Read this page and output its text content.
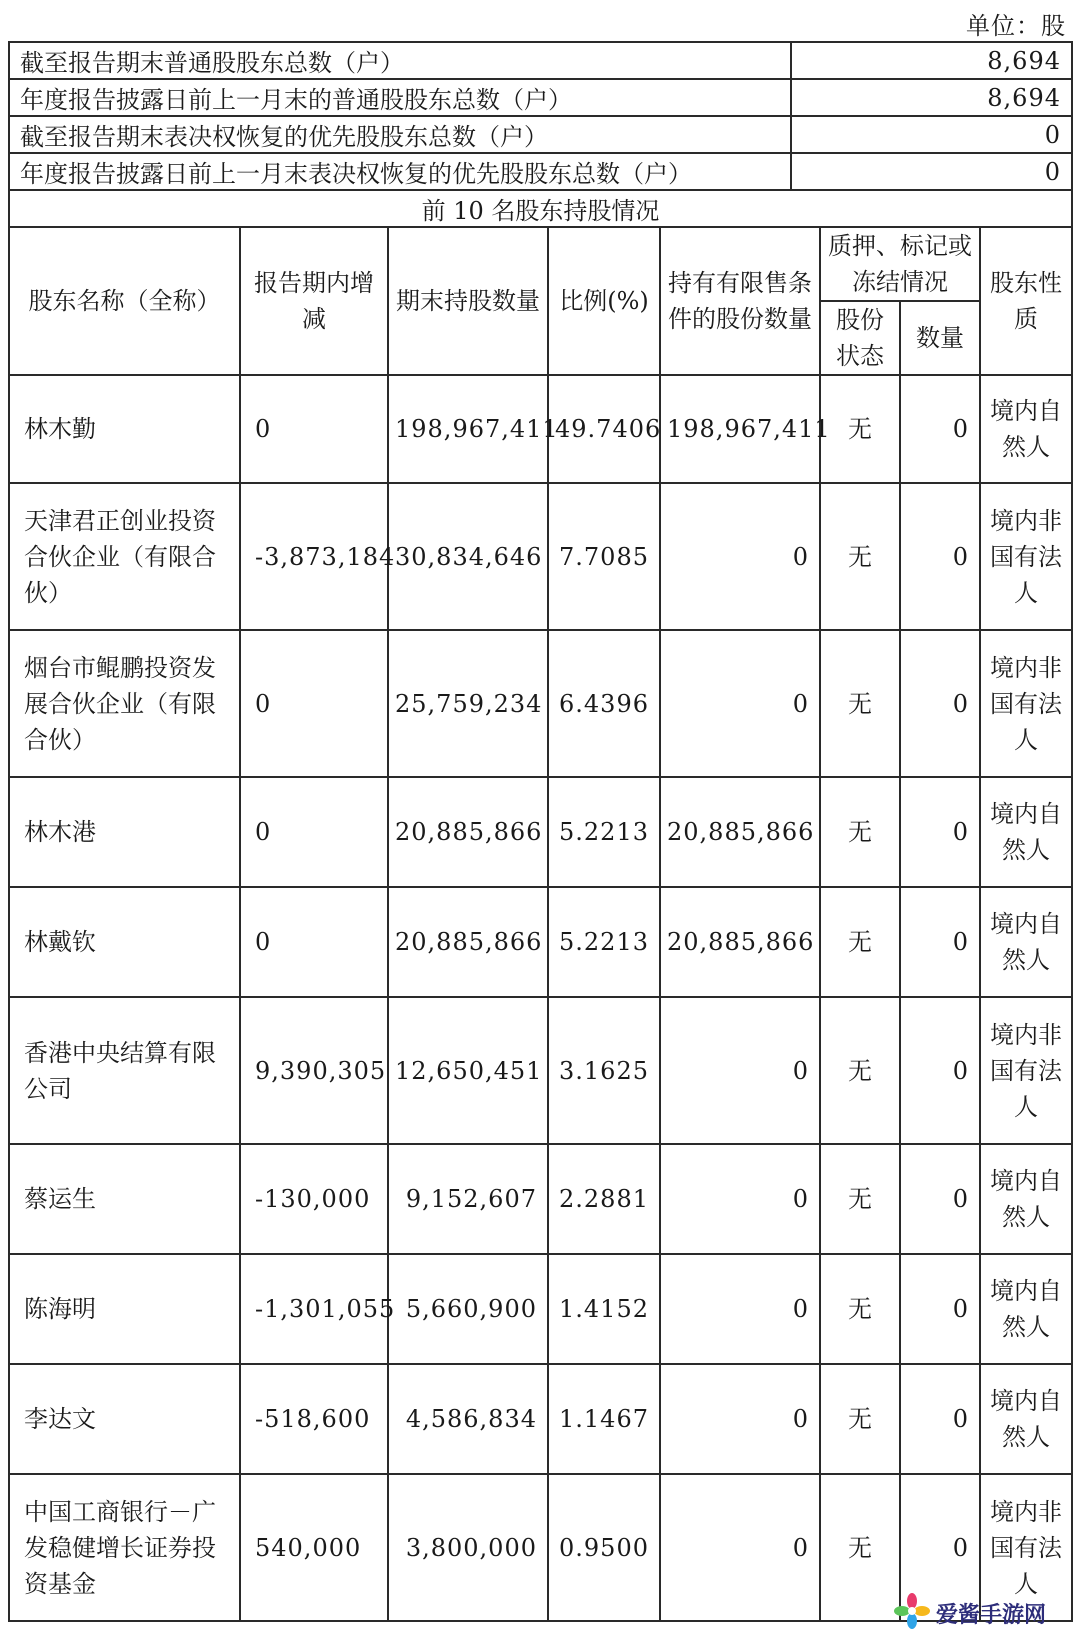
单位：股
截至报告期末普通股股东总数（户）	8,694
年度报告披露日前上一月末的普通股股东总数（户）	8,694
截至报告期末表决权恢复的优先股股东总数（户）	0
年度报告披露日前上一月末表决权恢复的优先股股东总数（户）	0
前 10 名股东持股情况	
股东名称（全称）	报告期内增减	期末持股数量	比例(%)	持有有限售条件的股份数量	质押、标记或冻结情况		股东性质
					股份状态	数量	
林木勤	0	198,967,411	49.7406	198,967,411	无	0	境内自然人
天津君正创业投资合伙企业（有限合伙）	-3,873,184	30,834,646	7.7085	0	无	0	境内非国有法人
烟台市鲲鹏投资发展合伙企业（有限合伙）	0	25,759,234	6.4396	0	无	0	境内非国有法人
林木港	0	20,885,866	5.2213	20,885,866	无	0	境内自然人
林戴钦	0	20,885,866	5.2213	20,885,866	无	0	境内自然人
香港中央结算有限公司	9,390,305	12,650,451	3.1625	0	无	0	境内非国有法人
蔡运生	-130,000	9,152,607	2.2881	0	无	0	境内自然人
陈海明	-1,301,055	5,660,900	1.4152	0	无	0	境内自然人
李达文	-518,600	4,586,834	1.1467	0	无	0	境内自然人
中国工商银行－广发稳健增长证券投资基金	540,000	3,800,000	0.9500	0	无	0	境内非国有法人
爱酱手游网
